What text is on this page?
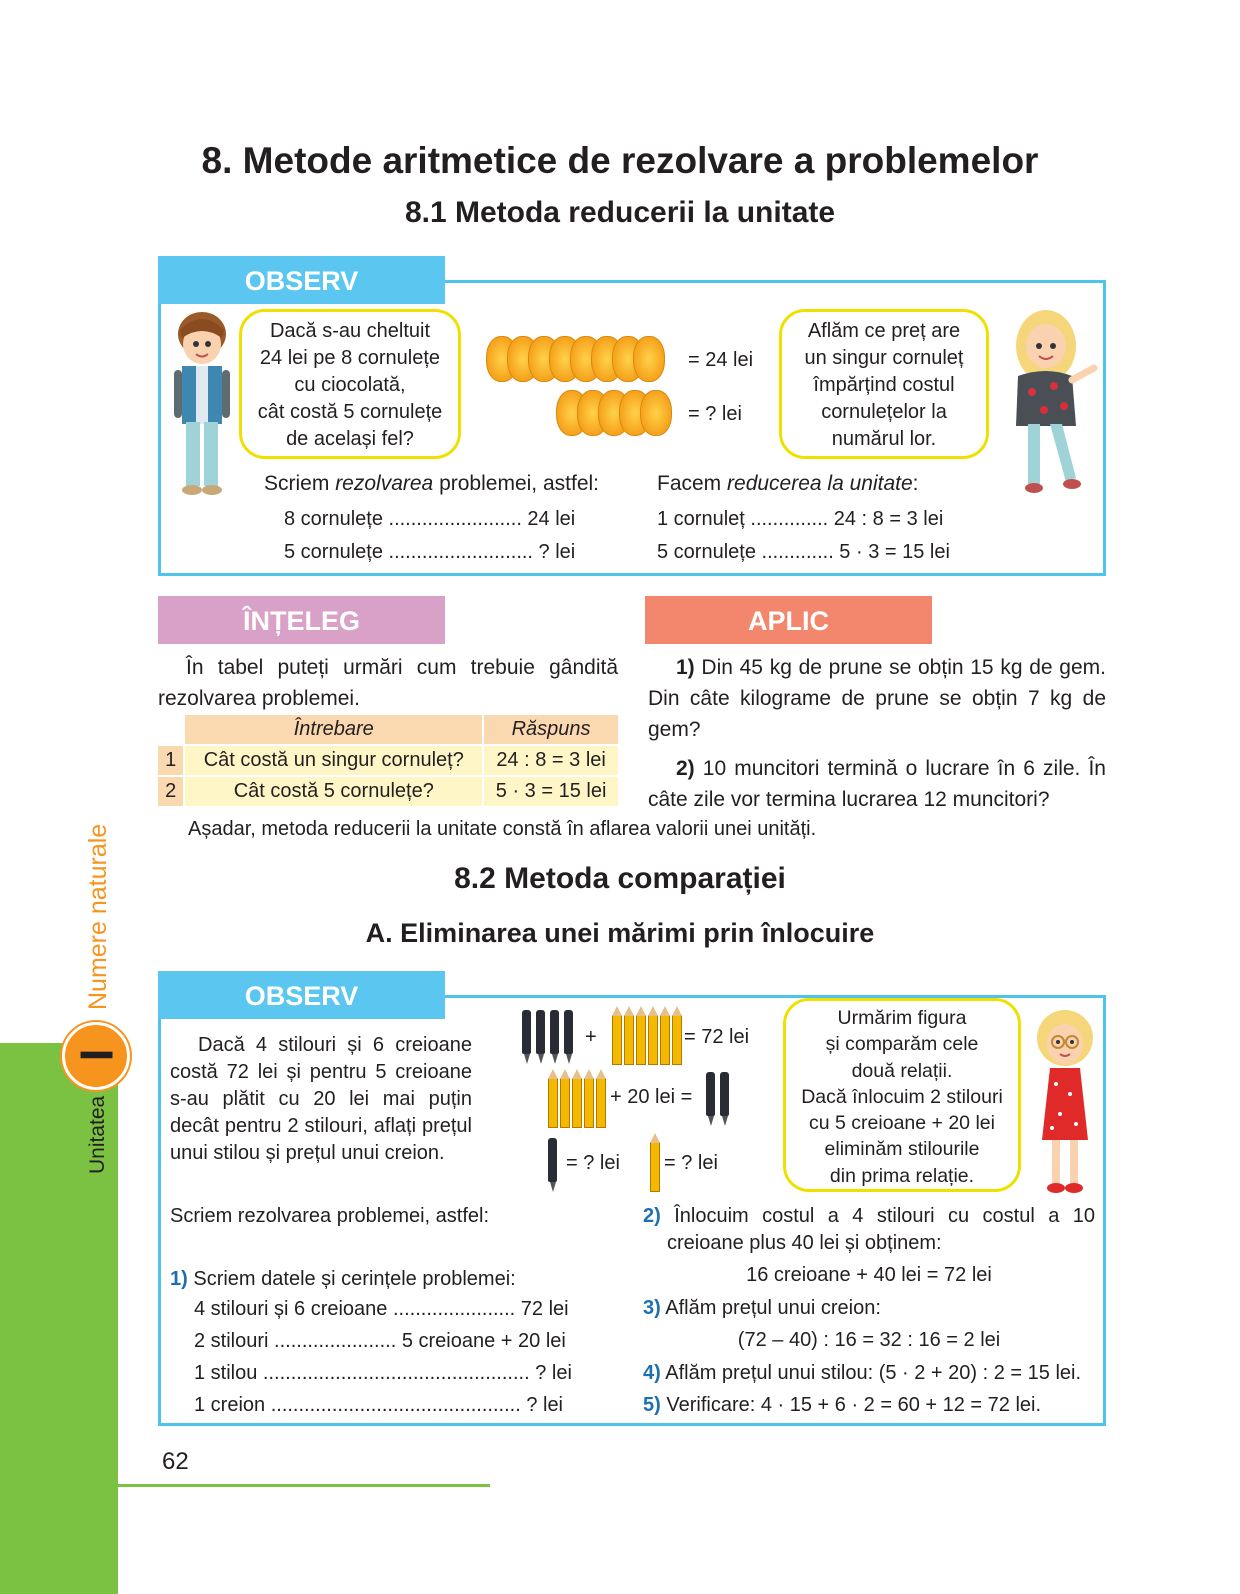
8. Metode aritmetice de rezolvare a problemelor
8.1 Metoda reducerii la unitate
OBSERV
Dacă s-au cheltuit
24 lei pe 8 cornulețe
cu ciocolată,
cât costă 5 cornulețe
de același fel?
= 24 lei
= ? lei
Aflăm ce preț are
un singur cornuleț
împărțind costul
cornulețelor la
numărul lor.
Scriem rezolvarea problemei, astfel:
8 cornulețe ........................ 24 lei
5 cornulețe .......................... ? lei
Facem reducerea la unitate:
1 cornuleț .............. 24 : 8 = 3 lei
5 cornulețe ............. 5 · 3 = 15 lei
ÎNȚELEG
În tabel puteți urmări cum trebuie gândită rezolvarea problemei.
	Întrebare	Răspuns
1	Cât costă un singur cornuleț?	24 : 8 = 3 lei
2	Cât costă 5 cornulețe?	5 · 3 = 15 lei
APLIC
1) Din 45 kg de prune se obțin 15 kg de gem. Din câte kilograme de prune se obțin 7 kg de gem?
2) 10 muncitori termină o lucrare în 6 zile. În câte zile vor termina lucrarea 12 muncitori?
Așadar, metoda reducerii la unitate constă în aflarea valorii unei unități.
8.2 Metoda comparației
A. Eliminarea unei mărimi prin înlocuire
OBSERV
Dacă 4 stilouri și 6 creioane costă 72 lei și pentru 5 creioane s-au plătit cu 20 lei mai puțin decât pentru 2 stilouri, aflați prețul unui stilou și prețul unui creion.
+	= 72 lei
+ 20 lei =
= ? lei = ? lei
Urmărim figura
și comparăm cele
două relații.
Dacă înlocuim 2 stilouri
cu 5 creioane + 20 lei
eliminăm stilourile
din prima relație.
Scriem rezolvarea problemei, astfel:
1) Scriem datele și cerințele problemei:
4 stilouri și 6 creioane ...................... 72 lei
2 stilouri ...................... 5 creioane + 20 lei
1 stilou ................................................ ? lei
1 creion ............................................. ? lei
2) Înlocuim costul a 4 stilouri cu costul a 10 creioane plus 40 lei și obținem:
16 creioane + 40 lei = 72 lei
3) Aflăm prețul unui creion:
(72 – 40) : 16 = 32 : 16 = 2 lei
4) Aflăm prețul unui stilou: (5 · 2 + 20) : 2 = 15 lei.
5) Verificare: 4 · 15 + 6 · 2 = 60 + 12 = 72 lei.
Unitatea
I
Numere naturale
62
